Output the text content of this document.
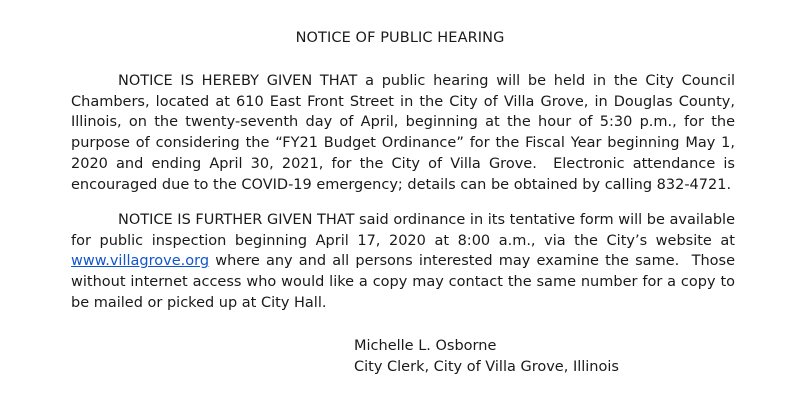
NOTICE OF PUBLIC HEARING

NOTICE IS HEREBY GIVEN THAT a public hearing will be held in the City Council Chambers, located at 610 East Front Street in the City of Villa Grove, in Douglas County, Illinois, on the twenty-seventh day of April, beginning at the hour of 5:30 p.m., for the purpose of considering the “FY21 Budget Ordinance” for the Fiscal Year beginning May 1, 2020 and ending April 30, 2021, for the City of Villa Grove.  Electronic attendance is encouraged due to the COVID-19 emergency; details can be obtained by calling 832-4721.

NOTICE IS FURTHER GIVEN THAT said ordinance in its tentative form will be available for public inspection beginning April 17, 2020 at 8:00 a.m., via the City’s website at www.villagrove.org where any and all persons interested may examine the same.  Those without internet access who would like a copy may contact the same number for a copy to be mailed or picked up at City Hall.

Michelle L. Osborne
City Clerk, City of Villa Grove, Illinois
